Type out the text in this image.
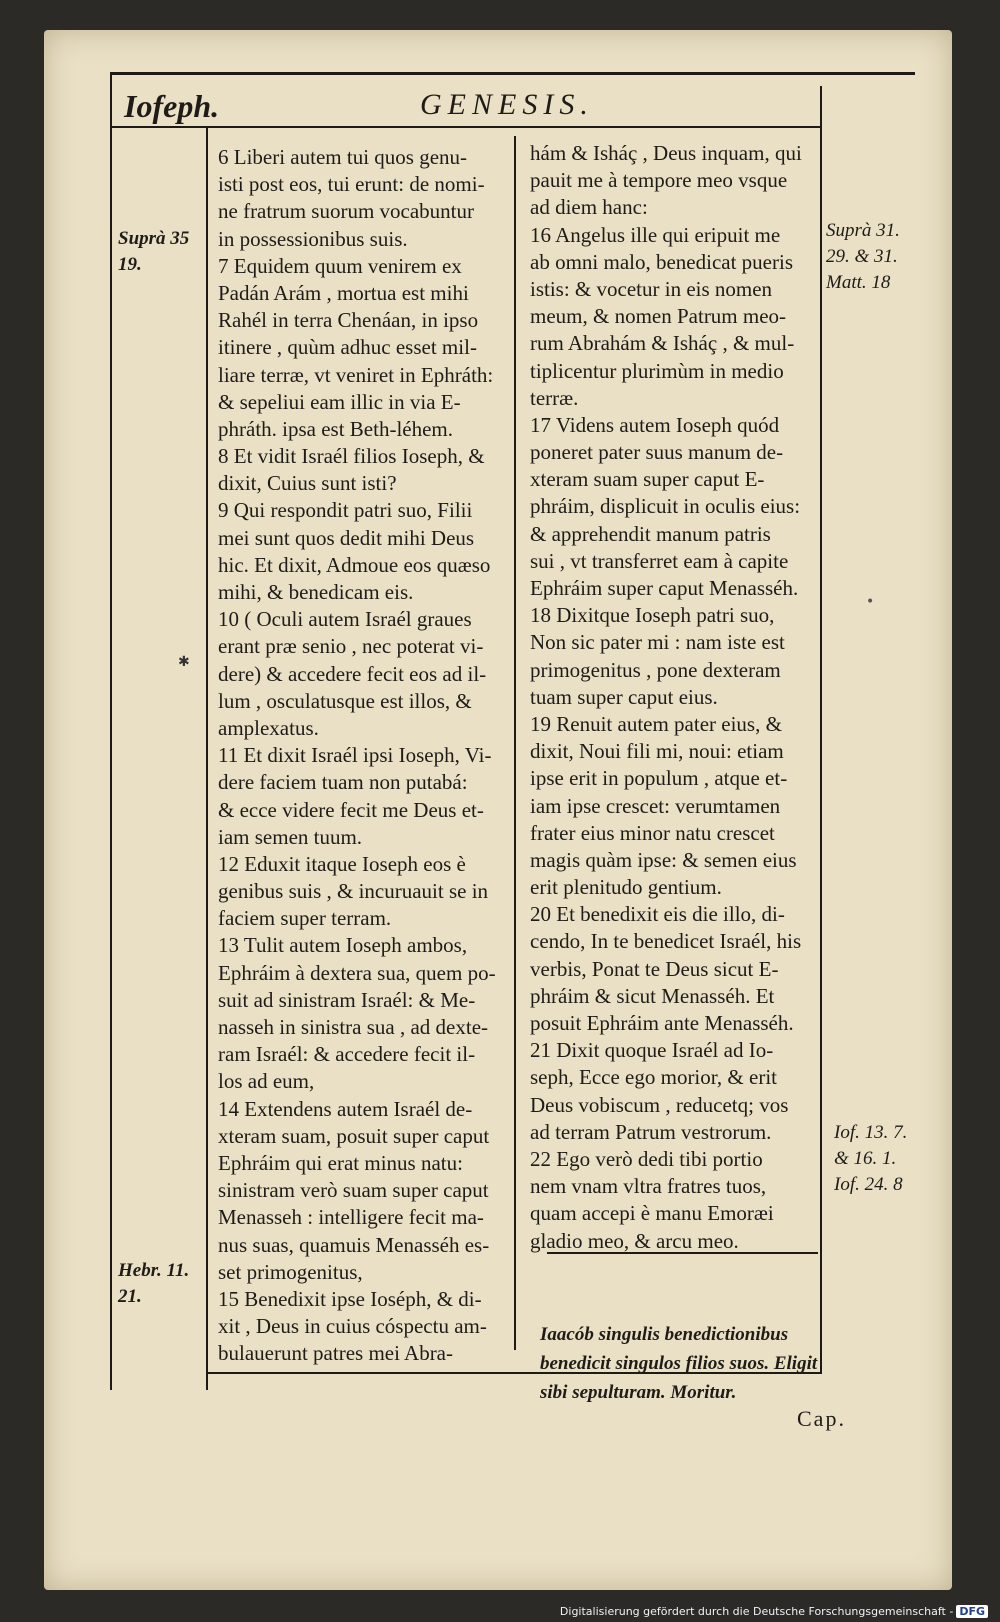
Iofeph.	GENESIS.
6 Liberi autem tui quos genu-
isti post eos, tui erunt: de nomi-
ne fratrum suorum vocabuntur
in possessionibus suis.
7 Equidem quum venirem ex
Padán Arám , mortua est mihi
Rahél in terra Chenáan, in ipso
itinere , quùm adhuc esset mil-
liare terræ, vt veniret in Ephráth:
& sepeliui eam illic in via E-
phráth. ipsa est Beth-léhem.
8 Et vidit Israél filios Ioseph, &
dixit, Cuius sunt isti?
9 Qui respondit patri suo, Filii
mei sunt quos dedit mihi Deus
hic. Et dixit, Admoue eos quæso
mihi, & benedicam eis.
10 ( Oculi autem Israél graues
erant præ senio , nec poterat vi-
dere) & accedere fecit eos ad il-
lum , osculatusque est illos, &
amplexatus.
11 Et dixit Israél ipsi Ioseph, Vi-
dere faciem tuam non putabá:
& ecce videre fecit me Deus et-
iam semen tuum.
12 Eduxit itaque Ioseph eos è
genibus suis , & incuruauit se in
faciem super terram.
13 Tulit autem Ioseph ambos,
Ephráim à dextera sua, quem po-
suit ad sinistram Israél: & Me-
nasseh in sinistra sua , ad dexte-
ram Israél: & accedere fecit il-
los ad eum,
14 Extendens autem Israél de-
xteram suam, posuit super caput
Ephráim qui erat minus natu:
sinistram verò suam super caput
Menasseh : intelligere fecit ma-
nus suas, quamuis Menasséh es-
set primogenitus,
15 Benedixit ipse Ioséph, & di-
xit , Deus in cuius cóspectu am-
bulauerunt patres mei Abra-
hám & Isháç , Deus inquam, qui
pauit me à tempore meo vsque
ad diem hanc:
16 Angelus ille qui eripuit me
ab omni malo, benedicat pueris
istis: & vocetur in eis nomen
meum, & nomen Patrum meo-
rum Abrahám & Isháç , & mul-
tiplicentur plurimùm in medio
terræ.
17 Videns autem Ioseph quód
poneret pater suus manum de-
xteram suam super caput E-
phráim, displicuit in oculis eius:
& apprehendit manum patris
sui , vt transferret eam à capite
Ephráim super caput Menasséh.
18 Dixitque Ioseph patri suo,
Non sic pater mi : nam iste est
primogenitus , pone dexteram
tuam super caput eius.
19 Renuit autem pater eius, &
dixit, Noui fili mi, noui: etiam
ipse erit in populum , atque et-
iam ipse crescet: verumtamen
frater eius minor natu crescet
magis quàm ipse: & semen eius
erit plenitudo gentium.
20 Et benedixit eis die illo, di-
cendo, In te benedicet Israél, his
verbis, Ponat te Deus sicut E-
phráim & sicut Menasséh. Et
posuit Ephráim ante Menasséh.
21 Dixit quoque Israél ad Io-
seph, Ecce ego morior, & erit
Deus vobiscum , reducetq; vos
ad terram Patrum vestrorum.
22 Ego verò dedi tibi portio
nem vnam vltra fratres tuos,
quam accepi è manu Emoræi
gladio meo, & arcu meo.
Suprà 35
19.
Hebr. 11.
21.
Suprà 31.
29. & 31.
Matt. 18
Iof. 13. 7.
& 16. 1.
Iof. 24. 8
Iaacób singulis benedictionibus
benedicit singulos filios suos. Eligit
sibi sepulturam. Moritur.
Cap.
✱
•
Digitalisierung gefördert durch die Deutsche Forschungsgemeinschaft - DFG
